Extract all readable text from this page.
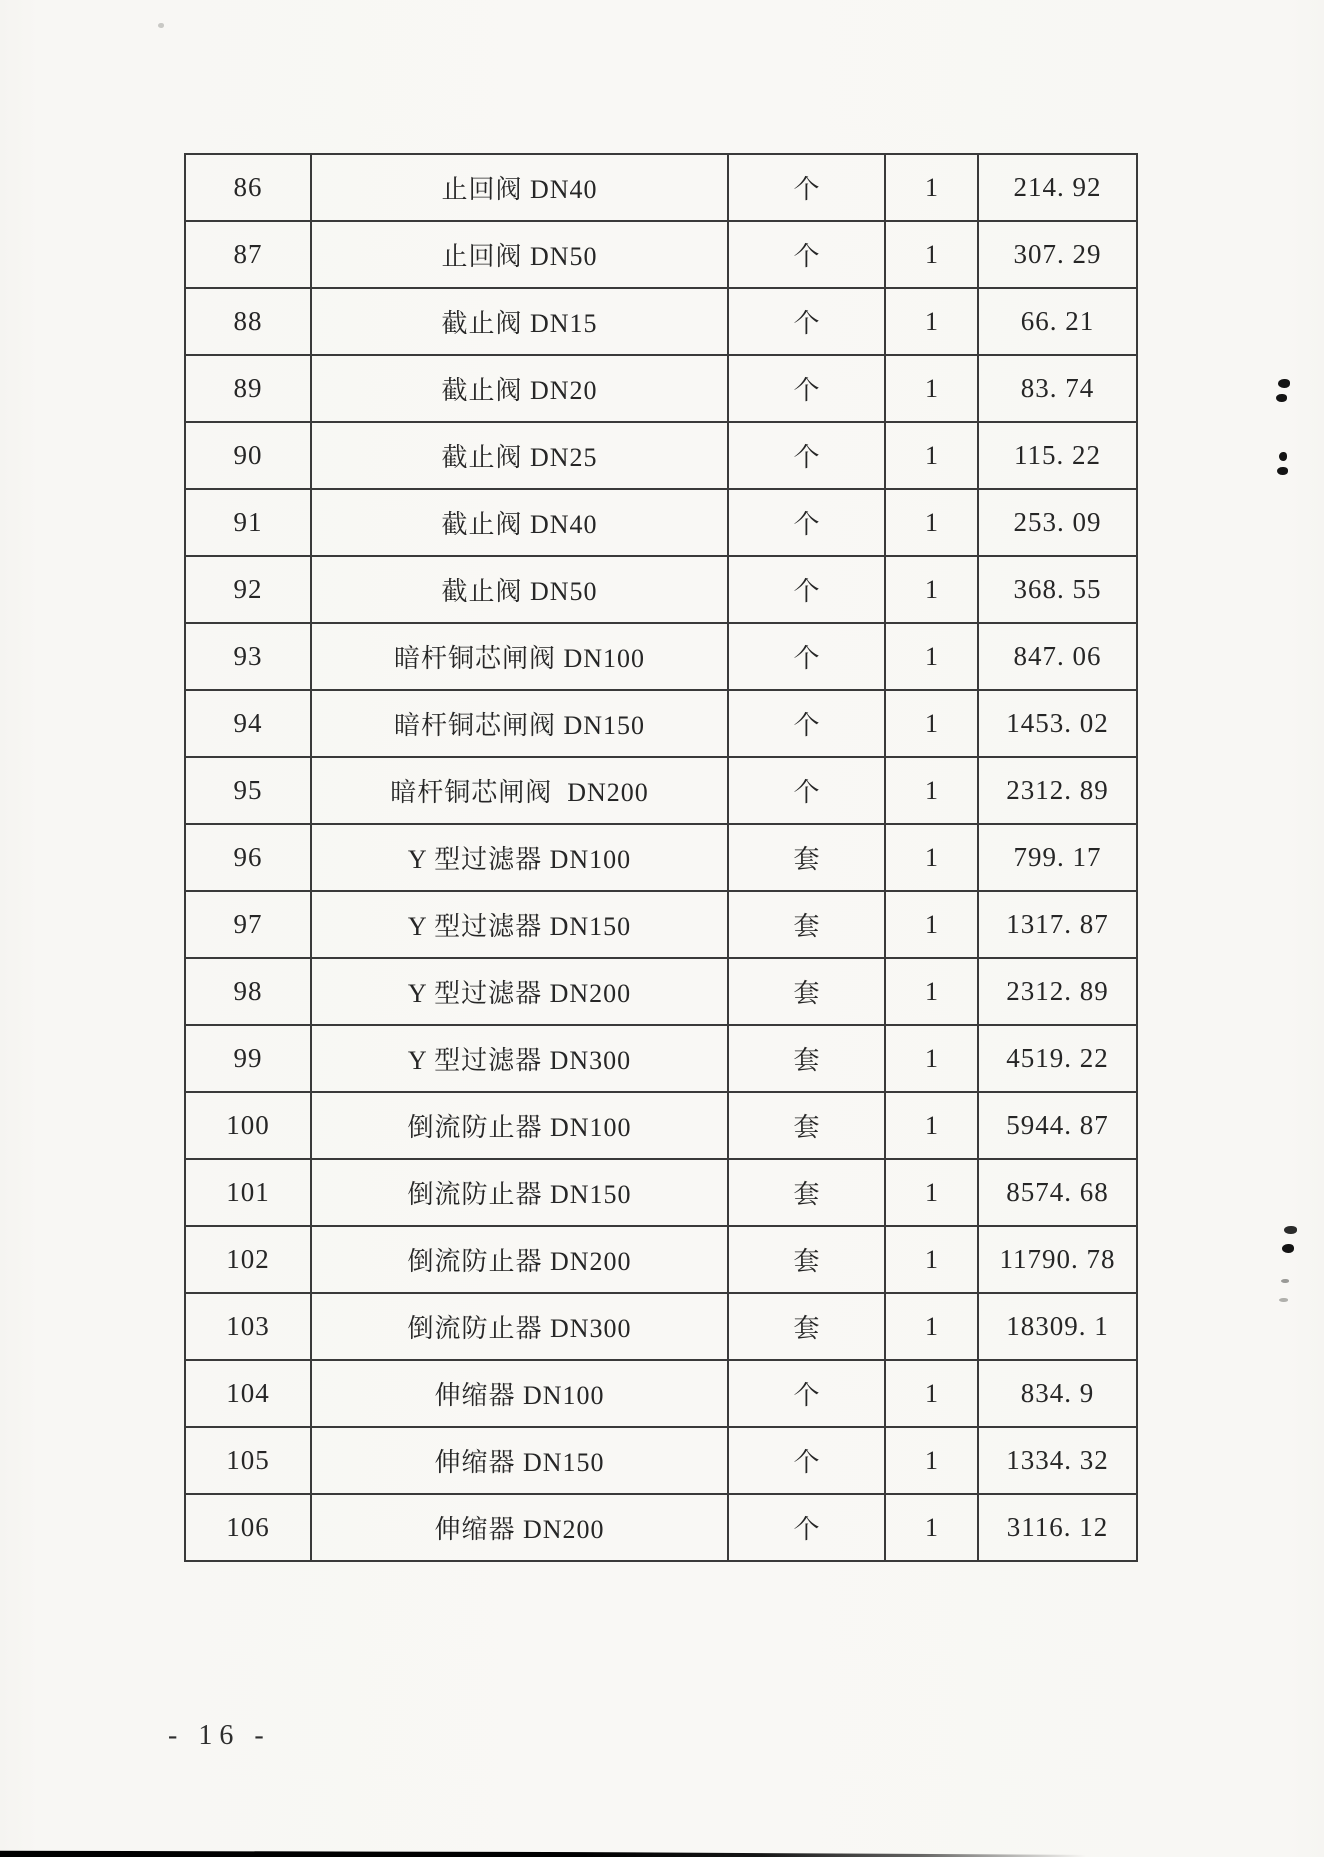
86	止回阀 DN40	个	1	214. 92
87	止回阀 DN50	个	1	307. 29
88	截止阀 DN15	个	1	66. 21
89	截止阀 DN20	个	1	83. 74
90	截止阀 DN25	个	1	115. 22
91	截止阀 DN40	个	1	253. 09
92	截止阀 DN50	个	1	368. 55
93	暗杆铜芯闸阀 DN100	个	1	847. 06
94	暗杆铜芯闸阀 DN150	个	1	1453. 02
95	暗杆铜芯闸阀  DN200	个	1	2312. 89
96	Y 型过滤器 DN100	套	1	799. 17
97	Y 型过滤器 DN150	套	1	1317. 87
98	Y 型过滤器 DN200	套	1	2312. 89
99	Y 型过滤器 DN300	套	1	4519. 22
100	倒流防止器 DN100	套	1	5944. 87
101	倒流防止器 DN150	套	1	8574. 68
102	倒流防止器 DN200	套	1	11790. 78
103	倒流防止器 DN300	套	1	18309. 1
104	伸缩器 DN100	个	1	834. 9
105	伸缩器 DN150	个	1	1334. 32
106	伸缩器 DN200	个	1	3116. 12
- 16 -
